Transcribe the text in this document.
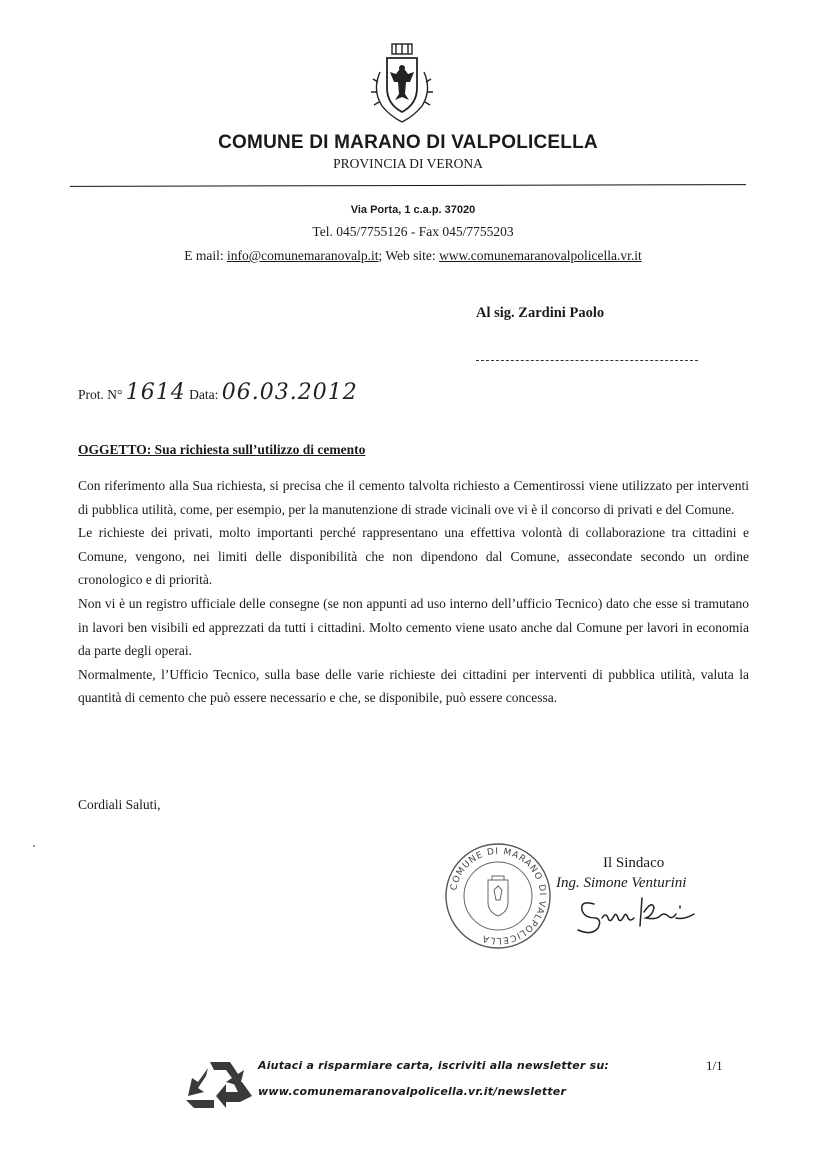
COMUNE DI MARANO DI VALPOLICELLA
PROVINCIA DI VERONA
Via Porta, 1 c.a.p. 37020
Tel. 045/7755126 - Fax 045/7755203
E mail: info@comunemaranovalp.it; Web site: www.comunemaranovalpolicella.vr.it
Al sig. Zardini Paolo
Prot. N° 1614 Data: 06.03.2012
OGGETTO: Sua richiesta sull’utilizzo di cemento

Con riferimento alla Sua richiesta, si precisa che il cemento talvolta richiesto a Cementirossi viene utilizzato per interventi di pubblica utilità, come, per esempio, per la manutenzione di strade vicinali ove vi è il concorso di privati e del Comune.

Le richieste dei privati, molto importanti perché rappresentano una effettiva volontà di collaborazione tra cittadini e Comune, vengono, nei limiti delle disponibilità che non dipendono dal Comune, assecondate secondo un ordine cronologico e di priorità.

Non vi è un registro ufficiale delle consegne (se non appunti ad uso interno dell’ufficio Tecnico) dato che esse si tramutano in lavori ben visibili ed apprezzati da tutti i cittadini. Molto cemento viene usato anche dal Comune per lavori in economia da parte degli operai.

Normalmente, l’Ufficio Tecnico, sulla base delle varie richieste dei cittadini per interventi di pubblica utilità, valuta la quantità di cemento che può essere necessario e che, se disponibile, può essere concessa.

Cordiali Saluti,
COMUNE DI MARANO DI VALPOLICELLA
Il Sindaco
Ing. Simone Venturini
Aiutaci a risparmiare carta, iscriviti alla newsletter su:
www.comunemaranovalpolicella.vr.it/newsletter
1/1
